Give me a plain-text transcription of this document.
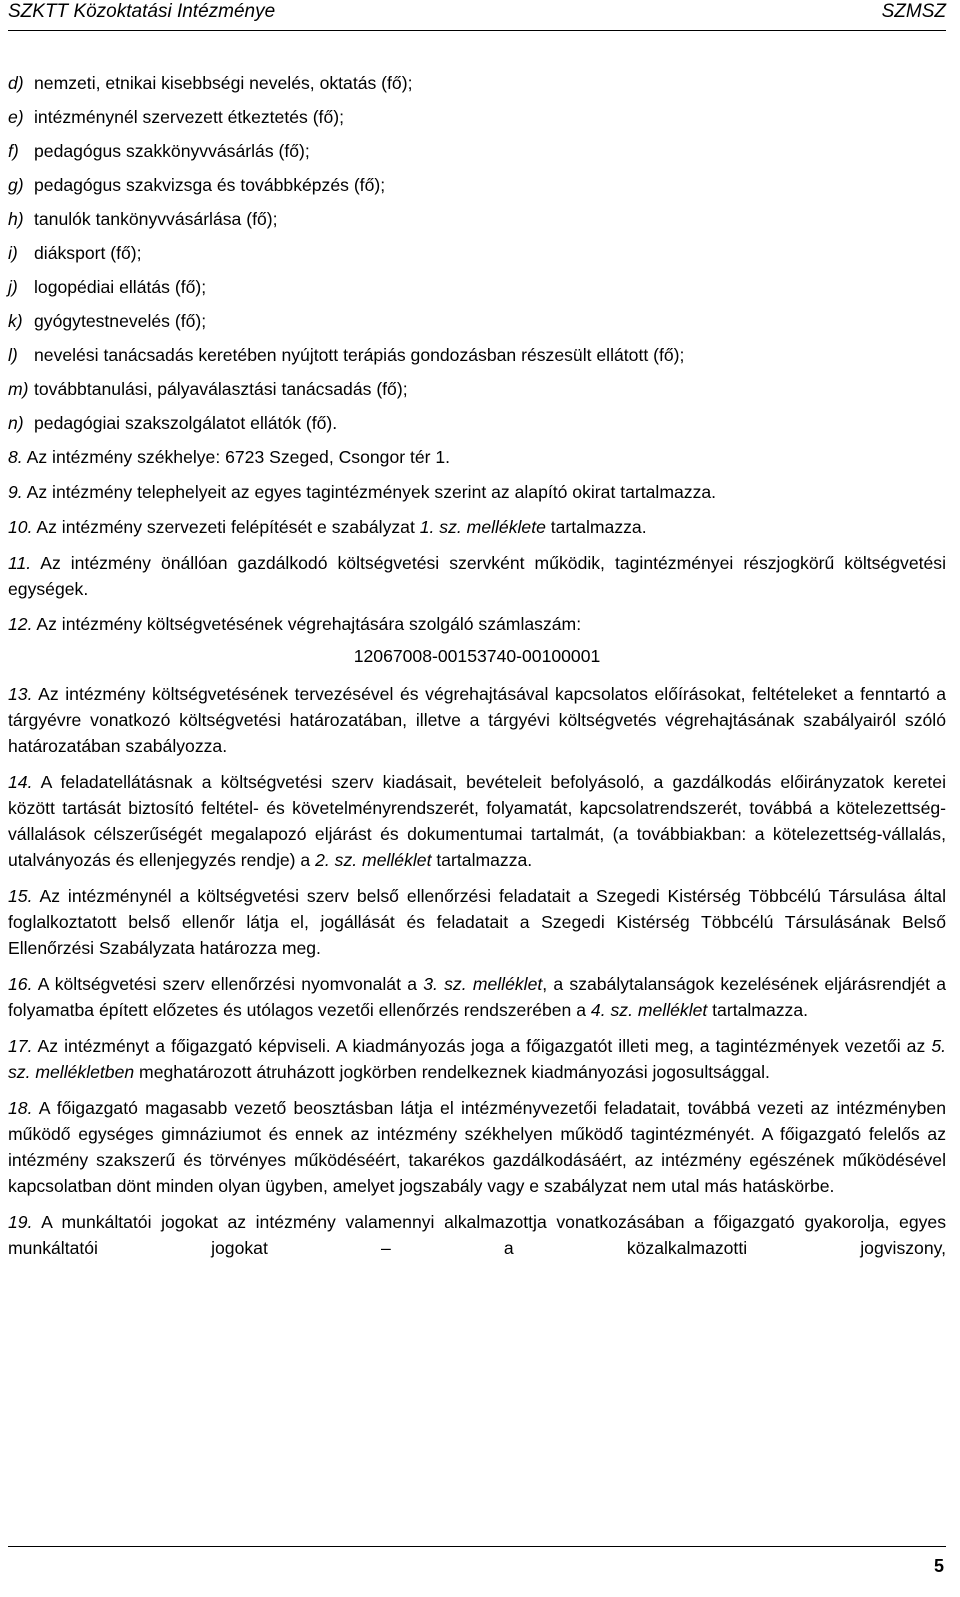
SZKTT Közoktatási Intézménye	SZMSZ
d) nemzeti, etnikai kisebbségi nevelés, oktatás (fő);
e) intézménynél szervezett étkeztetés (fő);
f) pedagógus szakkönyvvásárlás (fő);
g) pedagógus szakvizsga és továbbképzés (fő);
h) tanulók tankönyvvásárlása (fő);
i) diáksport (fő);
j) logopédiai ellátás (fő);
k) gyógytestnevelés (fő);
l) nevelési tanácsadás keretében nyújtott terápiás gondozásban részesült ellátott (fő);
m) továbbtanulási, pályaválasztási tanácsadás (fő);
n) pedagógiai szakszolgálatot ellátók (fő).
8. Az intézmény székhelye: 6723 Szeged, Csongor tér 1.
9. Az intézmény telephelyeit az egyes tagintézmények szerint az alapító okirat tartalmazza.
10. Az intézmény szervezeti felépítését e szabályzat 1. sz. melléklete tartalmazza.
11. Az intézmény önállóan gazdálkodó költségvetési szervként működik, tagintézményei részjogkörű költségvetési egységek.
12. Az intézmény költségvetésének végrehajtására szolgáló számlaszám:
12067008-00153740-00100001
13. Az intézmény költségvetésének tervezésével és végrehajtásával kapcsolatos előírásokat, feltételeket a fenntartó a tárgyévre vonatkozó költségvetési határozatában, illetve a tárgyévi költségvetés végrehajtásának szabályairól szóló határozatában szabályozza.
14. A feladatellátásnak a költségvetési szerv kiadásait, bevételeit befolyásoló, a gazdálkodás előirányzatok keretei között tartását biztosító feltétel- és követelményrendszerét, folyamatát, kapcsolatrendszerét, továbbá a kötelezettség-vállalások célszerűségét megalapozó eljárást és dokumentumai tartalmát, (a továbbiakban: a kötelezettség-vállalás, utalványozás és ellenjegyzés rendje) a 2. sz. melléklet tartalmazza.
15. Az intézménynél a költségvetési szerv belső ellenőrzési feladatait a Szegedi Kistérség Többcélú Társulása által foglalkoztatott belső ellenőr látja el, jogállását és feladatait a Szegedi Kistérség Többcélú Társulásának Belső Ellenőrzési Szabályzata határozza meg.
16. A költségvetési szerv ellenőrzési nyomvonalát a 3. sz. melléklet, a szabálytalanságok kezelésének eljárásrendjét a folyamatba épített előzetes és utólagos vezetői ellenőrzés rendszerében a 4. sz. melléklet tartalmazza.
17. Az intézményt a főigazgató képviseli. A kiadmányozás joga a főigazgatót illeti meg, a tagintézmények vezetői az 5. sz. mellékletben meghatározott átruházott jogkörben rendelkeznek kiadmányozási jogosultsággal.
18. A főigazgató magasabb vezető beosztásban látja el intézményvezetői feladatait, továbbá vezeti az intézményben működő egységes gimnáziumot és ennek az intézmény székhelyen működő tagintézményét. A főigazgató felelős az intézmény szakszerű és törvényes működéséért, takarékos gazdálkodásáért, az intézmény egészének működésével kapcsolatban dönt minden olyan ügyben, amelyet jogszabály vagy e szabályzat nem utal más hatáskörbe.
19. A munkáltatói jogokat az intézmény valamennyi alkalmazottja vonatkozásában a főigazgató gyakorolja, egyes munkáltatói jogokat – a közalkalmazotti jogviszony,
5
